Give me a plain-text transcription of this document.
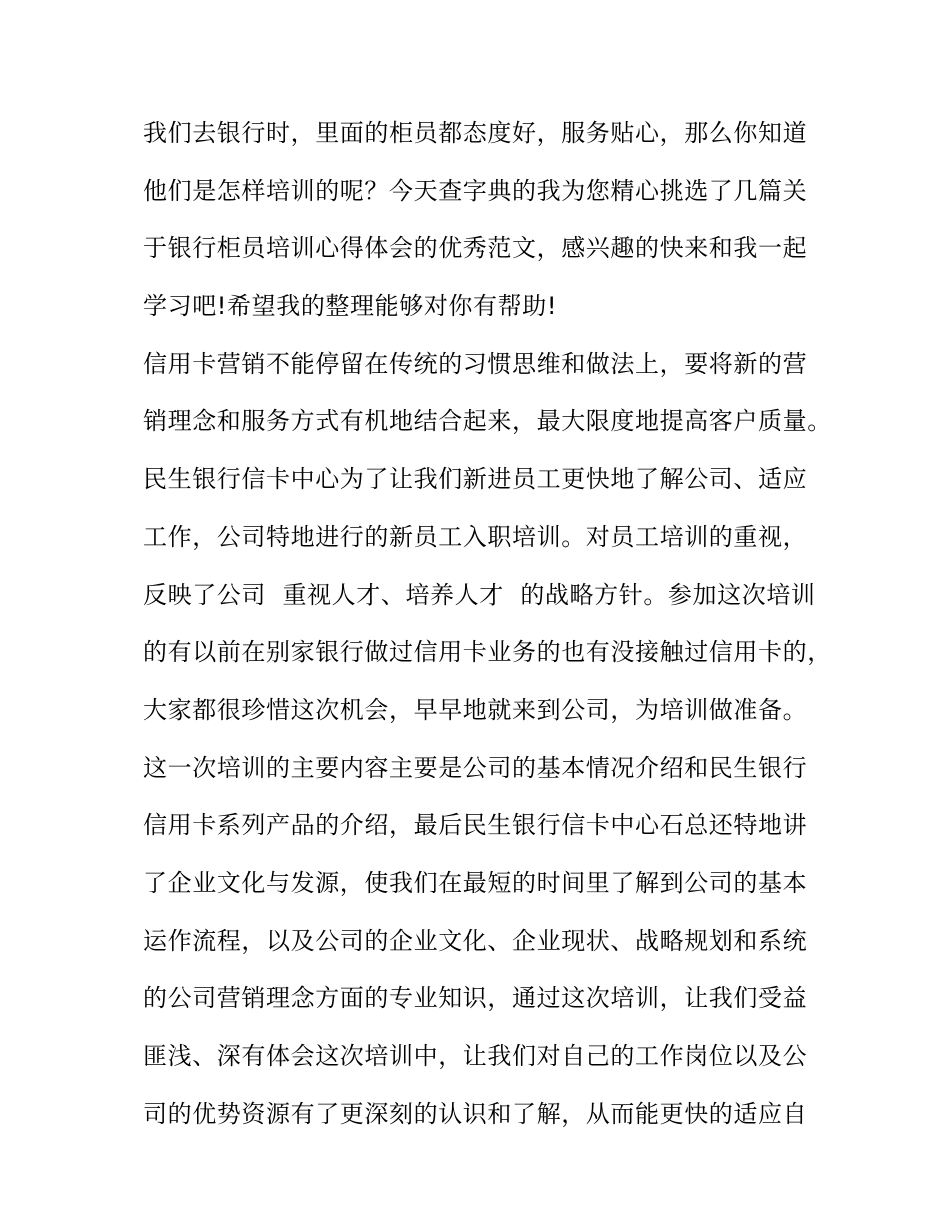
我们去银行时，里面的柜员都态度好，服务贴心，那么你知道
他们是怎样培训的呢？今天查字典的我为您精心挑选了几篇关
于银行柜员培训心得体会的优秀范文，感兴趣的快来和我一起
学习吧!希望我的整理能够对你有帮助!
信用卡营销不能停留在传统的习惯思维和做法上，要将新的营
销理念和服务方式有机地结合起来，最大限度地提高客户质量。
民生银行信卡中心为了让我们新进员工更快地了解公司、适应
工作，公司特地进行的新员工入职培训。对员工培训的重视，
反映了公司  重视人才、培养人才  的战略方针。参加这次培训
的有以前在别家银行做过信用卡业务的也有没接触过信用卡的，
大家都很珍惜这次机会，早早地就来到公司，为培训做准备。
这一次培训的主要内容主要是公司的基本情况介绍和民生银行
信用卡系列产品的介绍，最后民生银行信卡中心石总还特地讲
了企业文化与发源，使我们在最短的时间里了解到公司的基本
运作流程，以及公司的企业文化、企业现状、战略规划和系统
的公司营销理念方面的专业知识，通过这次培训，让我们受益
匪浅、深有体会这次培训中，让我们对自己的工作岗位以及公
司的优势资源有了更深刻的认识和了解，从而能更快的适应自
